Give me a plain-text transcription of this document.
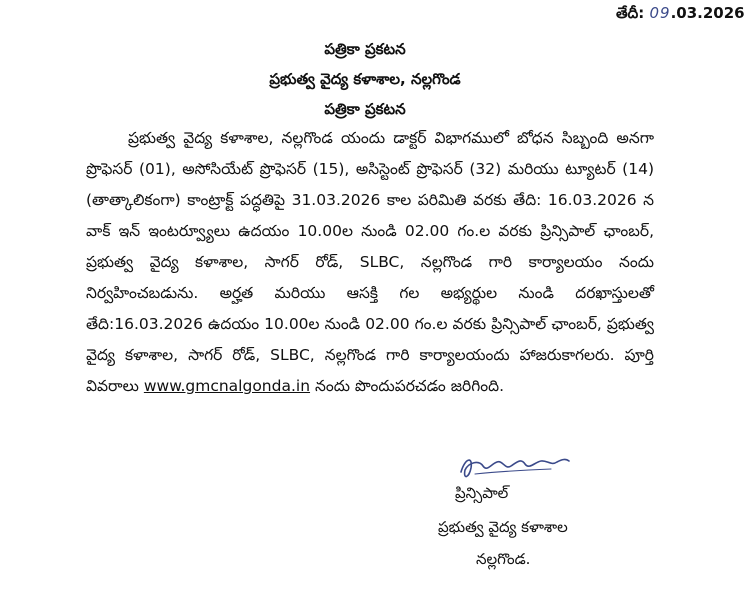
తేదీ: 09.03.2026
పత్రికా ప్రకటన
ప్రభుత్వ వైద్య కళాశాల, నల్లగొండ
పత్రికా ప్రకటన
ప్రభుత్వ వైద్య కళాశాల, నల్లగొండ యందు డాక్టర్ విభాగములో బోధన సిబ్బంది అనగా ప్రొఫెసర్ (01), అసోసియేట్ ప్రొఫెసర్ (15), అసిస్టెంట్ ప్రొఫెసర్ (32) మరియు ట్యూటర్ (14) (తాత్కాలికంగా) కాంట్రాక్ట్ పద్ధతిపై 31.03.2026 కాల పరిమితి వరకు తేది: 16.03.2026 న వాక్ ఇన్ ఇంటర్వ్యూలు ఉదయం 10.00ల నుండి 02.00 గం.ల వరకు ప్రిన్సిపాల్ ఛాంబర్, ప్రభుత్వ వైద్య కళాశాల, సాగర్ రోడ్, SLBC, నల్లగొండ గారి కార్యాలయం నందు నిర్వహించబడును. అర్హత మరియు ఆసక్తి గల అభ్యర్థుల నుండి దరఖాస్తులతో తేది:16.03.2026 ఉదయం 10.00ల నుండి 02.00 గం.ల వరకు ప్రిన్సిపాల్ ఛాంబర్, ప్రభుత్వ వైద్య కళాశాల, సాగర్ రోడ్, SLBC, నల్లగొండ గారి కార్యాలయందు హాజరుకాగలరు. పూర్తి వివరాలు www.gmcnalgonda.in నందు పొందుపరచడం జరిగింది.
ప్రిన్సిపాల్
ప్రభుత్వ వైద్య కళాశాల
నల్లగొండ.
